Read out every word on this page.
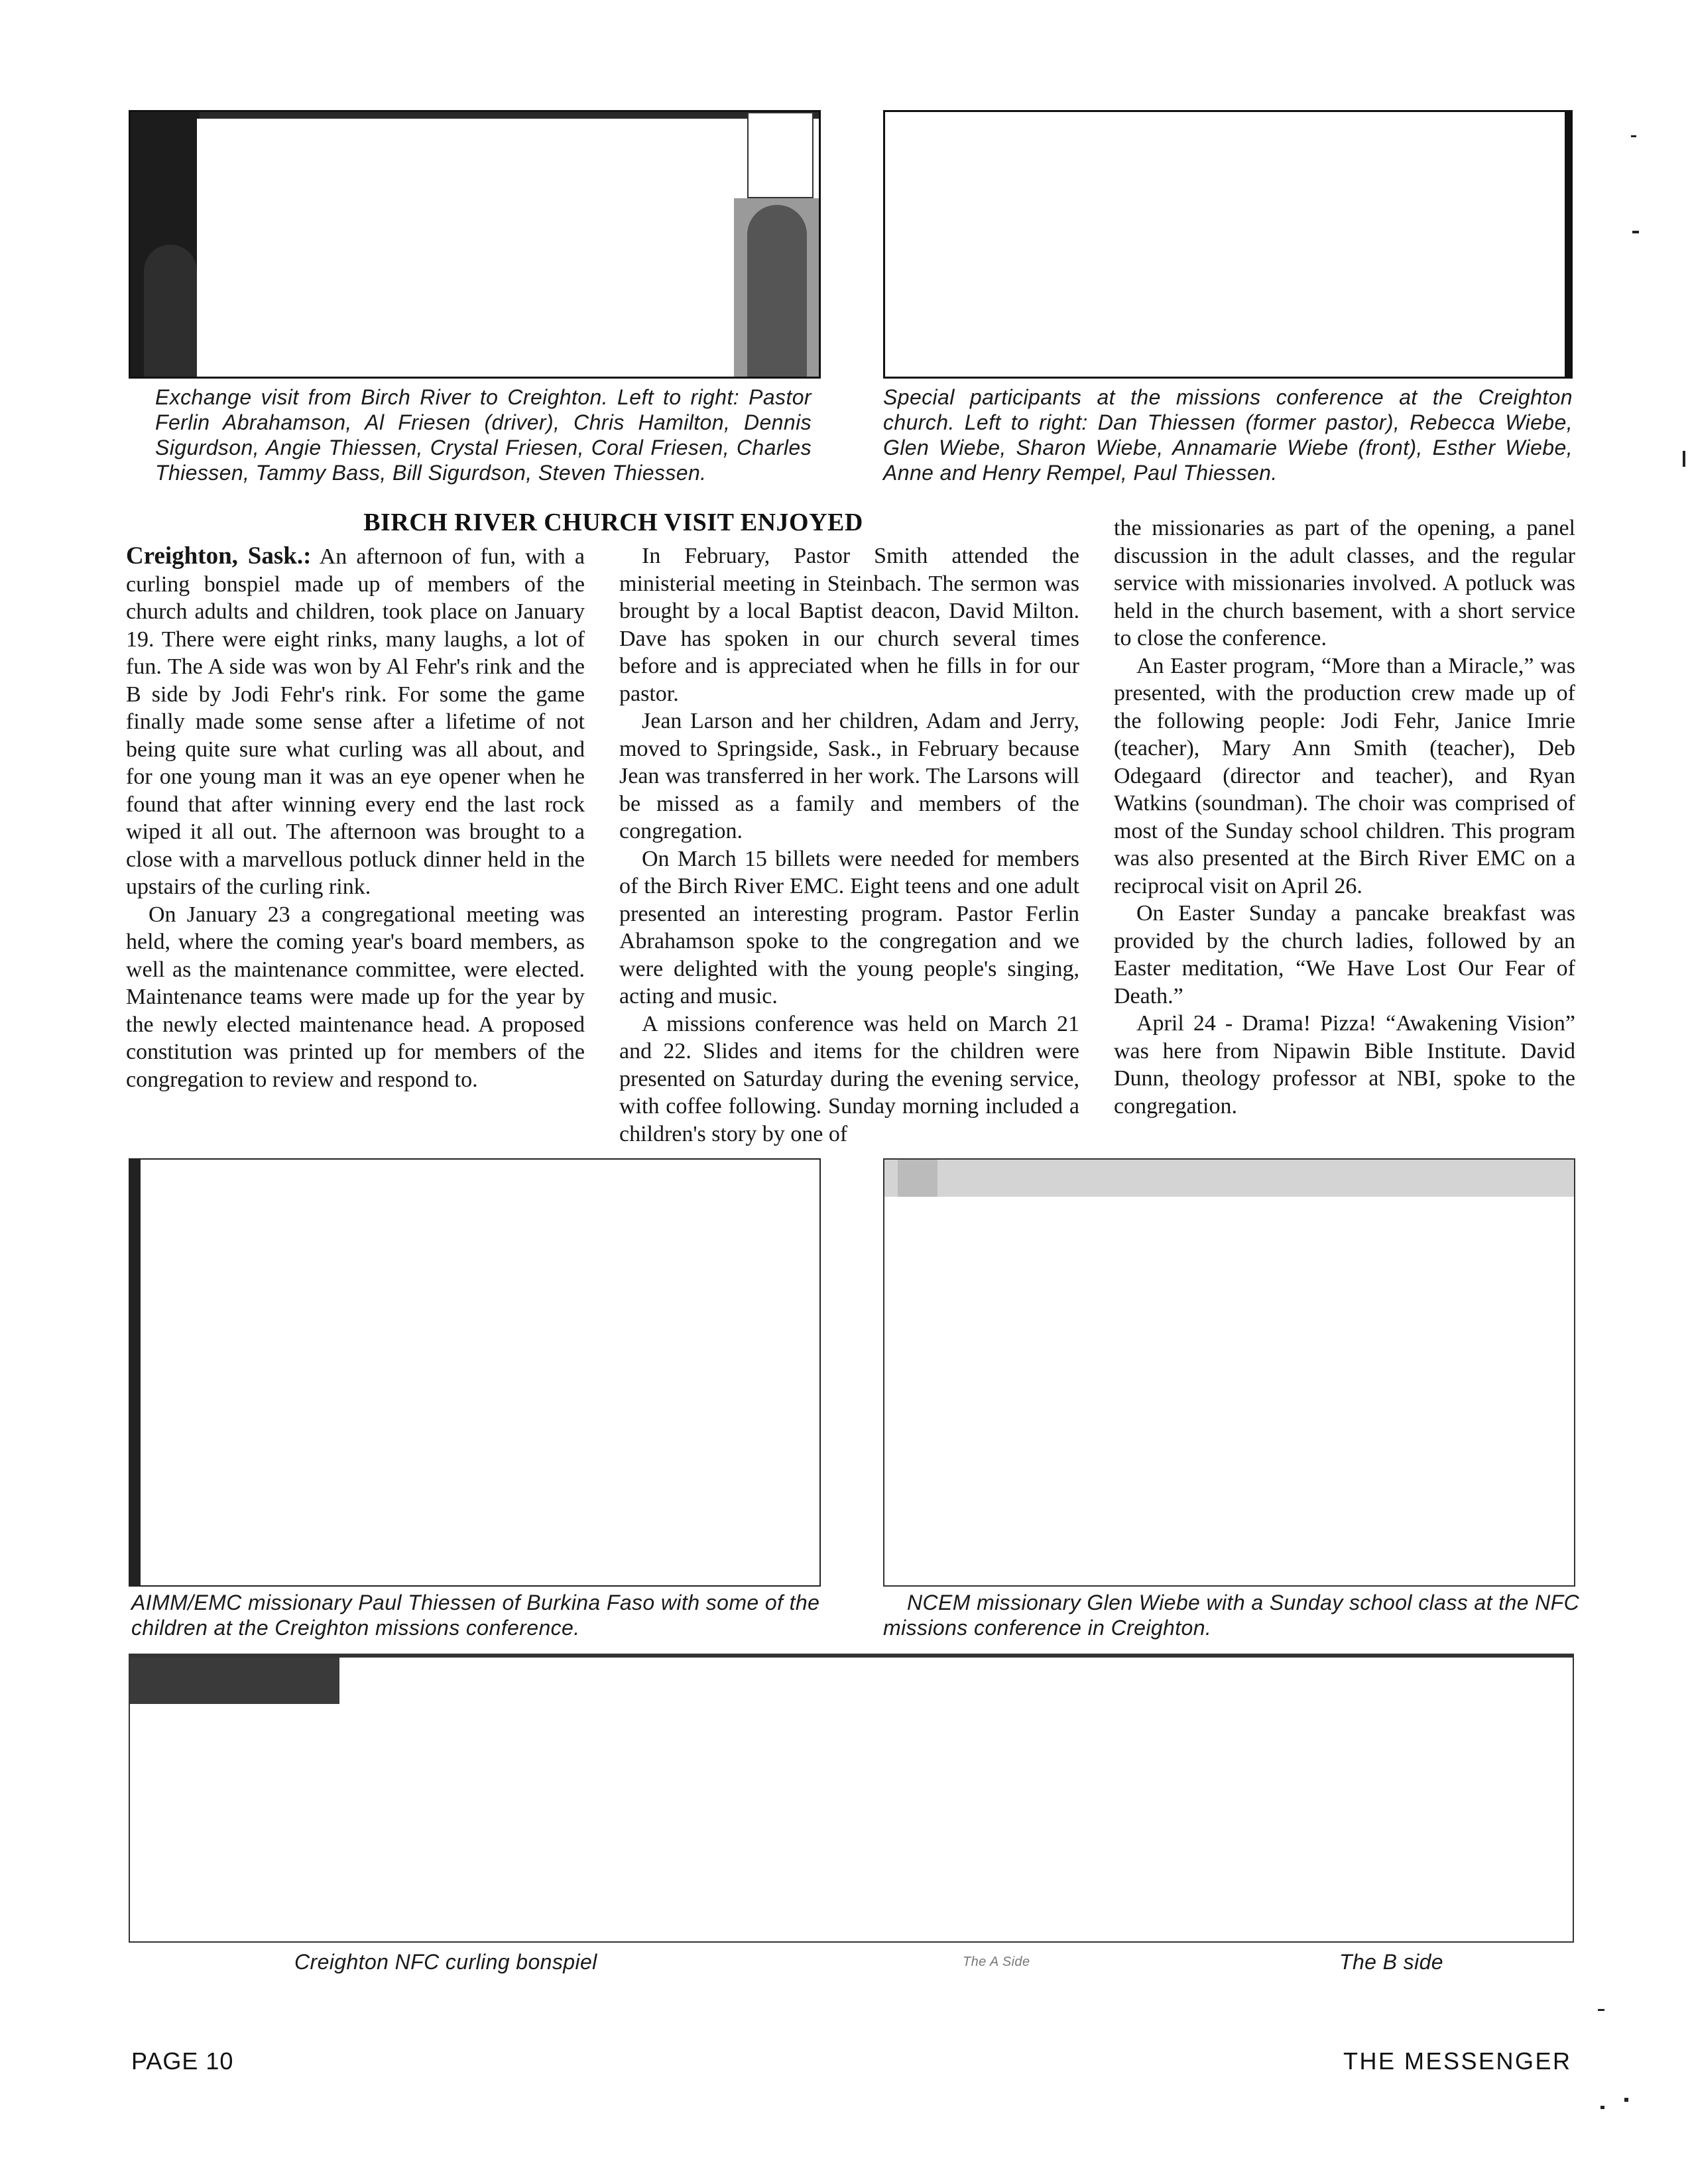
Exchange visit from Birch River to Creighton. Left to right: Pastor Ferlin Abrahamson, Al Friesen (driver), Chris Hamilton, Dennis Sigurdson, Angie Thiessen, Crystal Friesen, Coral Friesen, Charles Thiessen, Tammy Bass, Bill Sigurdson, Steven Thiessen.
Special participants at the missions conference at the Creighton church. Left to right: Dan Thiessen (former pastor), Rebecca Wiebe, Glen Wiebe, Sharon Wiebe, Annamarie Wiebe (front), Esther Wiebe, Anne and Henry Rempel, Paul Thiessen.
BIRCH RIVER CHURCH VISIT ENJOYED

Creighton, Sask.: An afternoon of fun, with a curling bonspiel made up of members of the church adults and children, took place on January 19. There were eight rinks, many laughs, a lot of fun. The A side was won by Al Fehr's rink and the B side by Jodi Fehr's rink. For some the game finally made some sense after a lifetime of not being quite sure what curling was all about, and for one young man it was an eye opener when he found that after winning every end the last rock wiped it all out. The afternoon was brought to a close with a marvellous potluck dinner held in the upstairs of the curling rink.

On January 23 a congregational meeting was held, where the coming year's board members, as well as the maintenance committee, were elected. Maintenance teams were made up for the year by the newly elected maintenance head. A proposed constitution was printed up for members of the congregation to review and respond to.

In February, Pastor Smith attended the ministerial meeting in Steinbach. The sermon was brought by a local Baptist deacon, David Milton. Dave has spoken in our church several times before and is appreciated when he fills in for our pastor.

Jean Larson and her children, Adam and Jerry, moved to Springside, Sask., in February because Jean was transferred in her work. The Larsons will be missed as a family and members of the congregation.

On March 15 billets were needed for members of the Birch River EMC. Eight teens and one adult presented an interesting program. Pastor Ferlin Abrahamson spoke to the congregation and we were delighted with the young people's singing, acting and music.

A missions conference was held on March 21 and 22. Slides and items for the children were presented on Saturday during the evening service, with coffee following. Sunday morning included a children's story by one of

the missionaries as part of the opening, a panel discussion in the adult classes, and the regular service with missionaries involved. A potluck was held in the church basement, with a short service to close the conference.

An Easter program, “More than a Miracle,” was presented, with the production crew made up of the following people: Jodi Fehr, Janice Imrie (teacher), Mary Ann Smith (teacher), Deb Odegaard (director and teacher), and Ryan Watkins (soundman). The choir was comprised of most of the Sunday school children. This program was also presented at the Birch River EMC on a reciprocal visit on April 26.

On Easter Sunday a pancake breakfast was provided by the church ladies, followed by an Easter meditation, “We Have Lost Our Fear of Death.”

April 24 - Drama! Pizza! “Awakening Vision” was here from Nipawin Bible Institute. David Dunn, theology professor at NBI, spoke to the congregation.

AIMM/EMC missionary Paul Thiessen of Burkina Faso with some of the children at the Creighton missions conference.
NCEM missionary Glen Wiebe with a Sunday school class at the NFC missions conference in Creighton.
Creighton NFC curling bonspiel	The A Side	The B side
PAGE 10	THE MESSENGER
